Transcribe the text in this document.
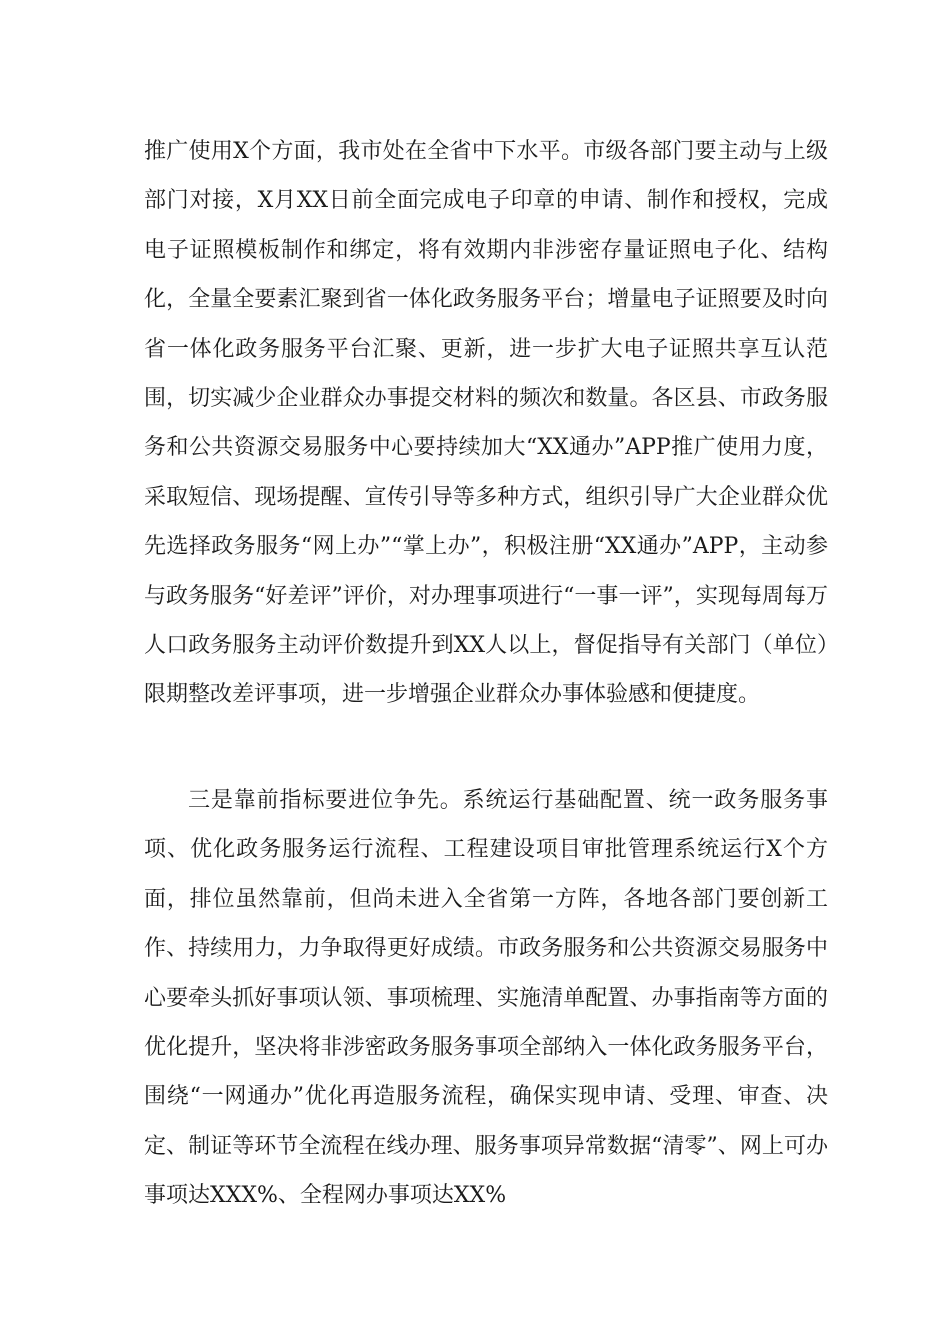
推广使用X个方面，我市处在全省中下水平。市级各部门要主动与上级部门对接，X月XX日前全面完成电子印章的申请、制作和授权，完成电子证照模板制作和绑定，将有效期内非涉密存量证照电子化、结构化，全量全要素汇聚到省一体化政务服务平台；增量电子证照要及时向省一体化政务服务平台汇聚、更新，进一步扩大电子证照共享互认范围，切实减少企业群众办事提交材料的频次和数量。各区县、市政务服务和公共资源交易服务中心要持续加大“XX通办”APP推广使用力度，采取短信、现场提醒、宣传引导等多种方式，组织引导广大企业群众优先选择政务服务“网上办”“掌上办”，积极注册“XX通办”APP，主动参与政务服务“好差评”评价，对办理事项进行“一事一评”，实现每周每万人口政务服务主动评价数提升到XX人以上，督促指导有关部门（单位）限期整改差评事项，进一步增强企业群众办事体验感和便捷度。

三是靠前指标要进位争先。系统运行基础配置、统一政务服务事项、优化政务服务运行流程、工程建设项目审批管理系统运行X个方面，排位虽然靠前，但尚未进入全省第一方阵，各地各部门要创新工作、持续用力，力争取得更好成绩。市政务服务和公共资源交易服务中心要牵头抓好事项认领、事项梳理、实施清单配置、办事指南等方面的优化提升，坚决将非涉密政务服务事项全部纳入一体化政务服务平台，围绕“一网通办”优化再造服务流程，确保实现申请、受理、审查、决定、制证等环节全流程在线办理、服务事项异常数据“清零”、网上可办事项达XXX%、全程网办事项达XX%
